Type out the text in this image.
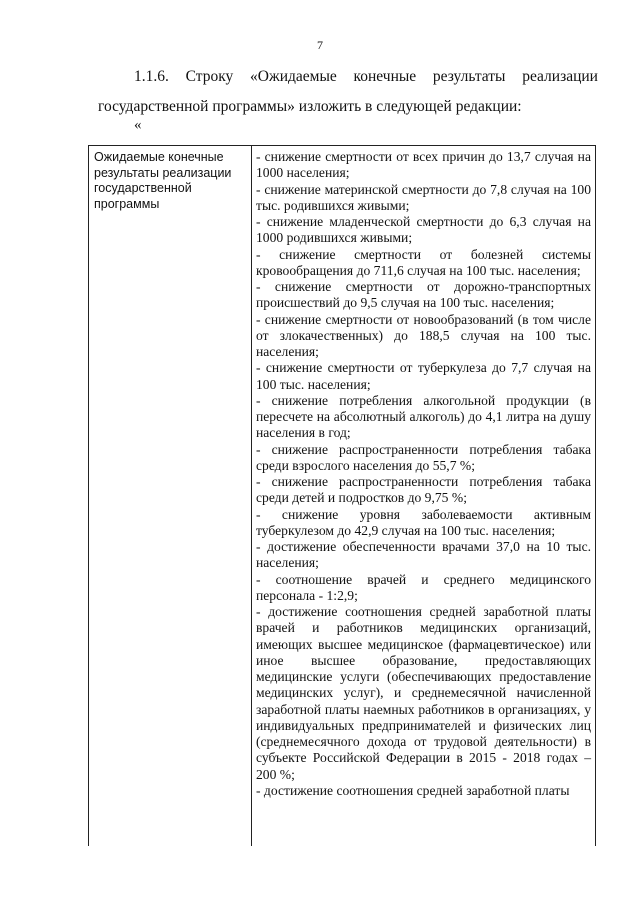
7
1.1.6. Строку «Ожидаемые конечные результаты реализации
государственной программы» изложить в следующей редакции:
«
Ожидаемые конечные результаты реализации государственной программы

- снижение смертности от всех причин до 13,7 случая на 1000 населения;

- снижение материнской смертности до 7,8 случая на 100 тыс. родившихся живыми;

- снижение младенческой смертности до 6,3 случая на 1000 родившихся живыми;

- снижение смертности от болезней системы кровообращения до 711,6 случая на 100 тыс. населения;

- снижение смертности от дорожно-транспортных происшествий до 9,5 случая на 100 тыс. населения;

- снижение смертности от новообразований (в том числе от злокачественных) до 188,5 случая на 100 тыс. населения;

- снижение смертности от туберкулеза до 7,7 случая на 100 тыс. населения;

- снижение потребления алкогольной продукции (в пересчете на абсолютный алкоголь) до 4,1 литра на душу населения в год;

- снижение распространенности потребления табака среди взрослого населения до 55,7 %;

- снижение распространенности потребления табака среди детей и подростков до 9,75 %;

- снижение уровня заболеваемости активным туберкулезом до 42,9 случая на 100 тыс. населения;

- достижение обеспеченности врачами 37,0 на 10 тыс. населения;

- соотношение врачей и среднего медицинского персонала - 1:2,9;

- достижение соотношения средней заработной платы врачей и работников медицинских организаций, имеющих высшее медицинское (фармацевтическое) или иное высшее образование, предоставляющих медицинские услуги (обеспечивающих предоставление медицинских услуг), и среднемесячной начисленной заработной платы наемных работников в организациях, у индивидуальных предпринимателей и физических лиц (среднемесячного дохода от трудовой деятельности) в субъекте Российской Федерации в 2015 - 2018 годах – 200 %;

- достижение соотношения средней заработной платы
